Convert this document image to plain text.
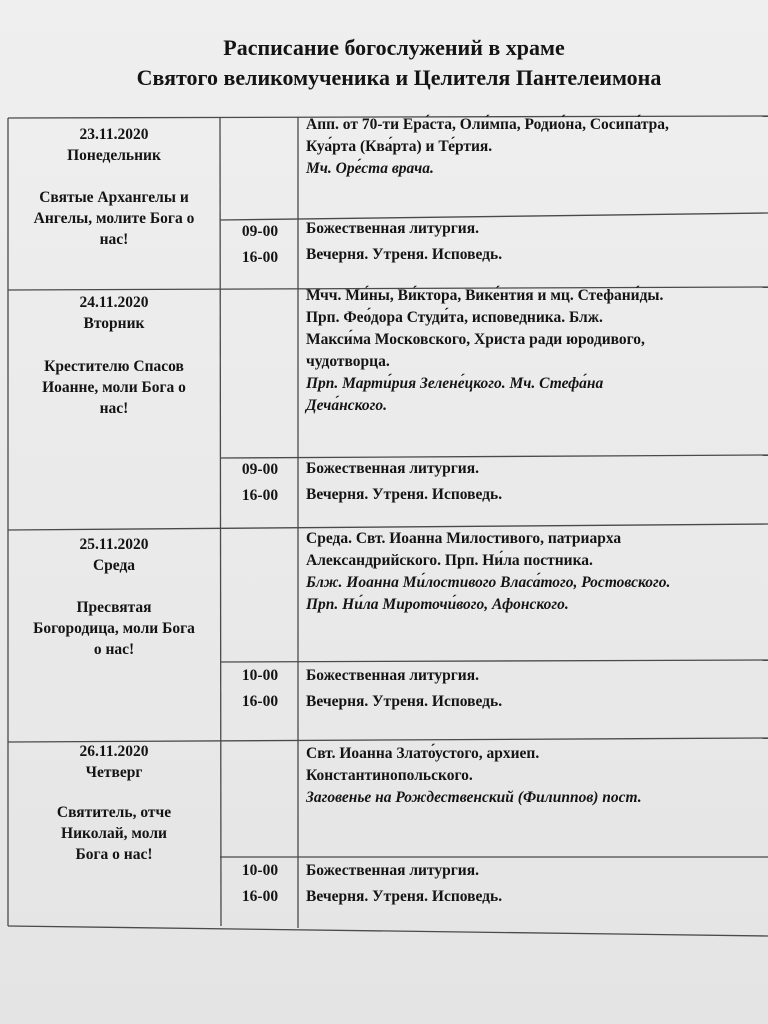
Расписание богослужений в храме
Святого великомученика и Целителя Пантелеимона
23.11.2020
Понедельник
Святые Архангелы и
Ангелы, молите Бога о
нас!
Апп. от 70-ти Ера́ста, Оли́мпа, Родио́на, Сосипа́тра,
Куа́рта (Ква́рта) и Те́ртия.
Мч. Оре́ста врача.
09-00
16-00
Божественная литургия.
Вечерня. Утреня. Исповедь.
24.11.2020
Вторник
Крестителю Спасов
Иоанне, моли Бога о
нас!
Мчч. Ми́ны, Ви́ктора, Вике́нтия и мц. Стефани́ды.
Прп. Фео́дора Студи́та, исповедника. Блж.
Макси́ма Московского, Христа ради юродивого,
чудотворца.
Прп. Марти́рия Зелене́цкого. Мч. Стефа́на
Деча́нского.
09-00
16-00
Божественная литургия.
Вечерня. Утреня. Исповедь.
25.11.2020
Среда
Пресвятая
Богородица, моли Бога
о нас!
Среда. Свт. Иоанна Милостивого, патриарха
Александрийского. Прп. Ни́ла постника.
Блж. Иоанна Ми́лостивого Власа́того, Ростовского.
Прп. Ни́ла Мироточи́вого, Афонского.
10-00
16-00
Божественная литургия.
Вечерня. Утреня. Исповедь.
26.11.2020
Четверг
Святитель, отче
Николай, моли
Бога о нас!
Свт. Иоанна Злато́устого, архиеп.
Константинопольского.
Заговенье на Рождественский (Филиппов) пост.
10-00
16-00
Божественная литургия.
Вечерня. Утреня. Исповедь.
